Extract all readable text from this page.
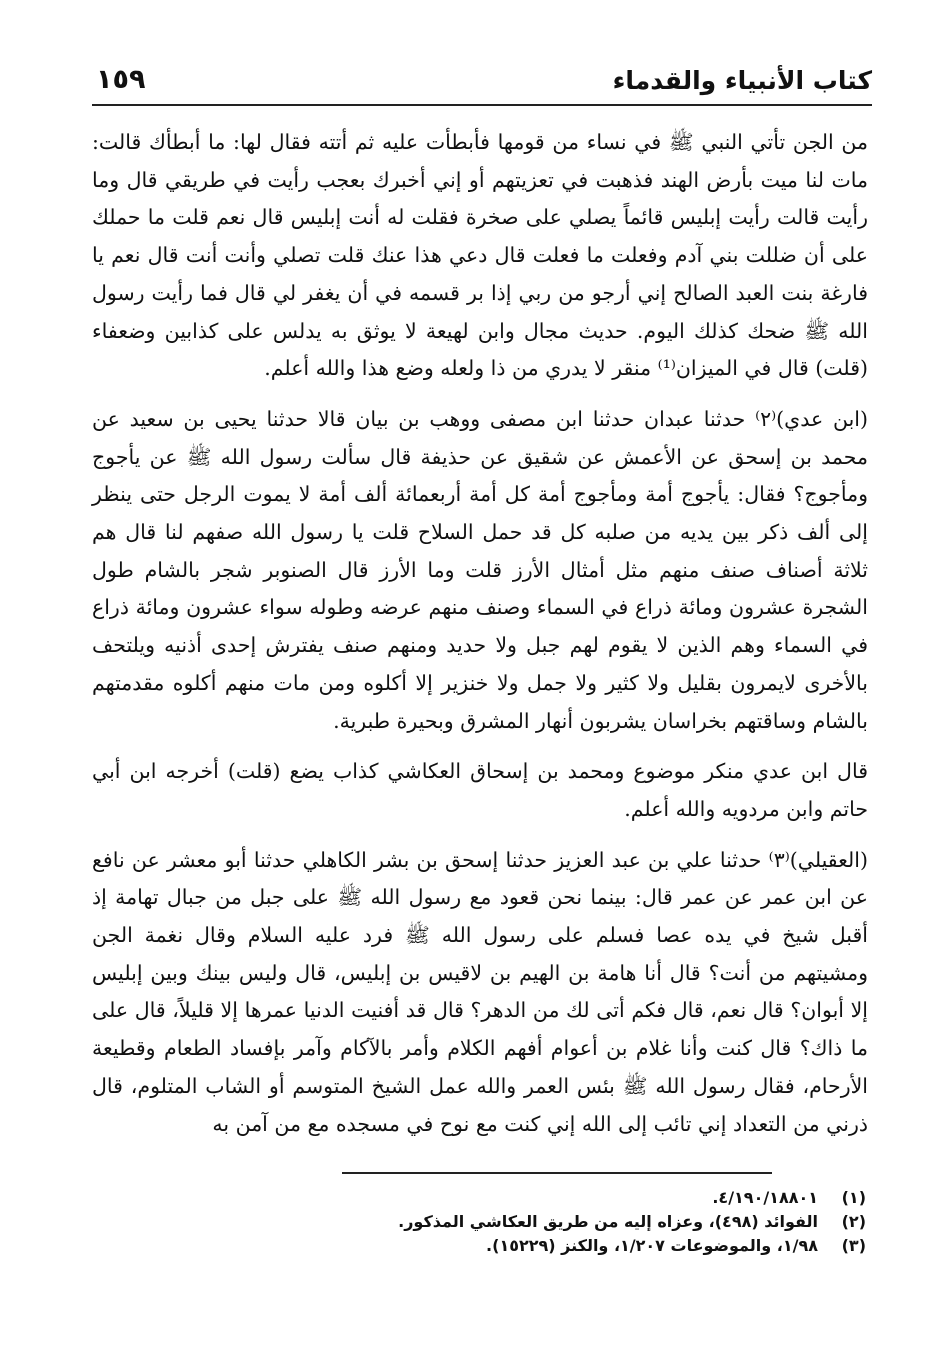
كتاب الأنبياء والقدماء
١٥٩

من الجن تأتي النبي ﷺ في نساء من قومها فأبطأت عليه ثم أتته فقال لها: ما أبطأك قالت: مات لنا ميت بأرض الهند فذهبت في تعزيتهم أو إني أخبرك بعجب رأيت في طريقي قال وما رأيت قالت رأيت إبليس قائماً يصلي على صخرة فقلت له أنت إبليس قال نعم قلت ما حملك على أن ضللت بني آدم وفعلت ما فعلت قال دعي هذا عنك قلت تصلي وأنت أنت قال نعم يا فارغة بنت العبد الصالح إني أرجو من ربي إذا بر قسمه في أن يغفر لي قال فما رأيت رسول الله ﷺ ضحك كذلك اليوم. حديث مجال وابن لهيعة لا يوثق به يدلس على كذابين وضعفاء (قلت) قال في الميزان⁽¹⁾ منقر لا يدري من ذا ولعله وضع هذا والله أعلم.

(ابن عدي)⁽٢⁾ حدثنا عبدان حدثنا ابن مصفى ووهب بن بيان قالا حدثنا يحيى بن سعيد عن محمد بن إسحق عن الأعمش عن شقيق عن حذيفة قال سألت رسول الله ﷺ عن يأجوج ومأجوج؟ فقال: يأجوج أمة ومأجوج أمة كل أمة أربعمائة ألف أمة لا يموت الرجل حتى ينظر إلى ألف ذكر بين يديه من صلبه كل قد حمل السلاح قلت يا رسول الله صفهم لنا قال هم ثلاثة أصناف صنف منهم مثل أمثال الأرز قلت وما الأرز قال الصنوبر شجر بالشام طول الشجرة عشرون ومائة ذراع في السماء وصنف منهم عرضه وطوله سواء عشرون ومائة ذراع في السماء وهم الذين لا يقوم لهم جبل ولا حديد ومنهم صنف يفترش إحدى أذنيه ويلتحف بالأخرى لايمرون بقليل ولا كثير ولا جمل ولا خنزير إلا أكلوه ومن مات منهم أكلوه مقدمتهم بالشام وساقتهم بخراسان يشربون أنهار المشرق وبحيرة طبرية.

قال ابن عدي منكر موضوع ومحمد بن إسحاق العكاشي كذاب يضع (قلت) أخرجه ابن أبي حاتم وابن مردويه والله أعلم.

(العقيلي)⁽٣⁾ حدثنا علي بن عبد العزيز حدثنا إسحق بن بشر الكاهلي حدثنا أبو معشر عن نافع عن ابن عمر عن عمر قال: بينما نحن قعود مع رسول الله ﷺ على جبل من جبال تهامة إذ أقبل شيخ في يده عصا فسلم على رسول الله ﷺ فرد عليه السلام وقال نغمة الجن ومشيتهم من أنت؟ قال أنا هامة بن الهيم بن لاقيس بن إبليس، قال وليس بينك وبين إبليس إلا أبوان؟ قال نعم، قال فكم أتى لك من الدهر؟ قال قد أفنيت الدنيا عمرها إلا قليلاً، قال على ما ذاك؟ قال كنت وأنا غلام بن أعوام أفهم الكلام وأمر بالآكام وآمر بإفساد الطعام وقطيعة الأرحام، فقال رسول الله ﷺ بئس العمر والله عمل الشيخ المتوسم أو الشاب المتلوم، قال ذرني من التعداد إني تائب إلى الله إني كنت مع نوح في مسجده مع من آمن به

(١)
٤/١٩٠/١٨٨٠١.
(٢)
الفوائد (٤٩٨)، وعزاه إليه من طريق العكاشي المذكور.
(٣)
١/٩٨، والموضوعات ١/٢٠٧، والكنز (١٥٢٢٩).
